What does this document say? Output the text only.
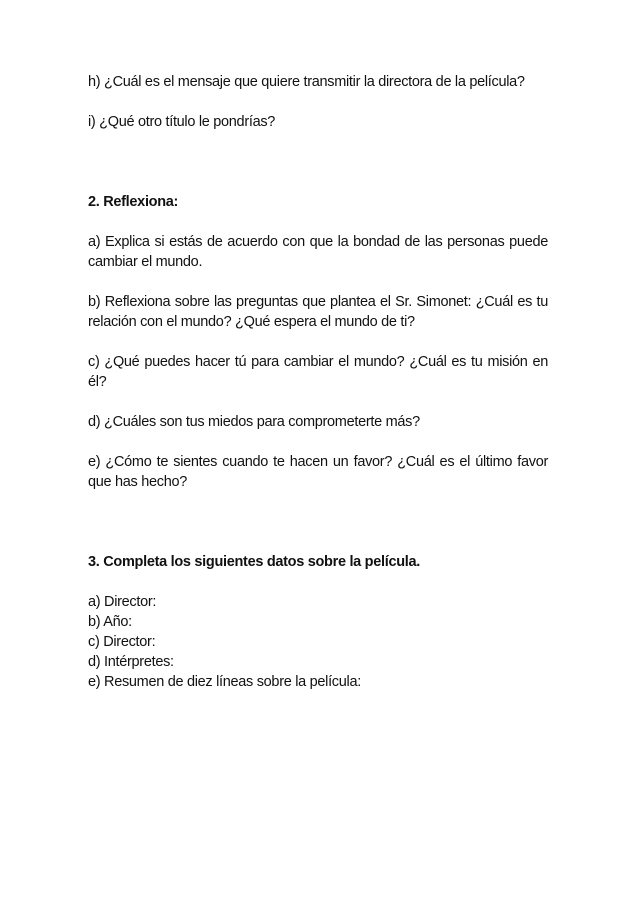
h) ¿Cuál es el mensaje que quiere transmitir la directora de la película?

i) ¿Qué otro título le pondrías?

2. Reflexiona:

a) Explica si estás de acuerdo con que la bondad de las personas puede cambiar el mundo.

b) Reflexiona sobre las preguntas que plantea el Sr. Simonet: ¿Cuál es tu relación con el mundo? ¿Qué espera el mundo de ti?

c) ¿Qué puedes hacer tú para cambiar el mundo? ¿Cuál es tu misión en él?

d) ¿Cuáles son tus miedos para comprometerte más?

e) ¿Cómo te sientes cuando te hacen un favor? ¿Cuál es el último favor que has hecho?

3. Completa los siguientes datos sobre la película.

a) Director:

b) Año:

c) Director:

d) Intérpretes:

e) Resumen de diez líneas sobre la película:
